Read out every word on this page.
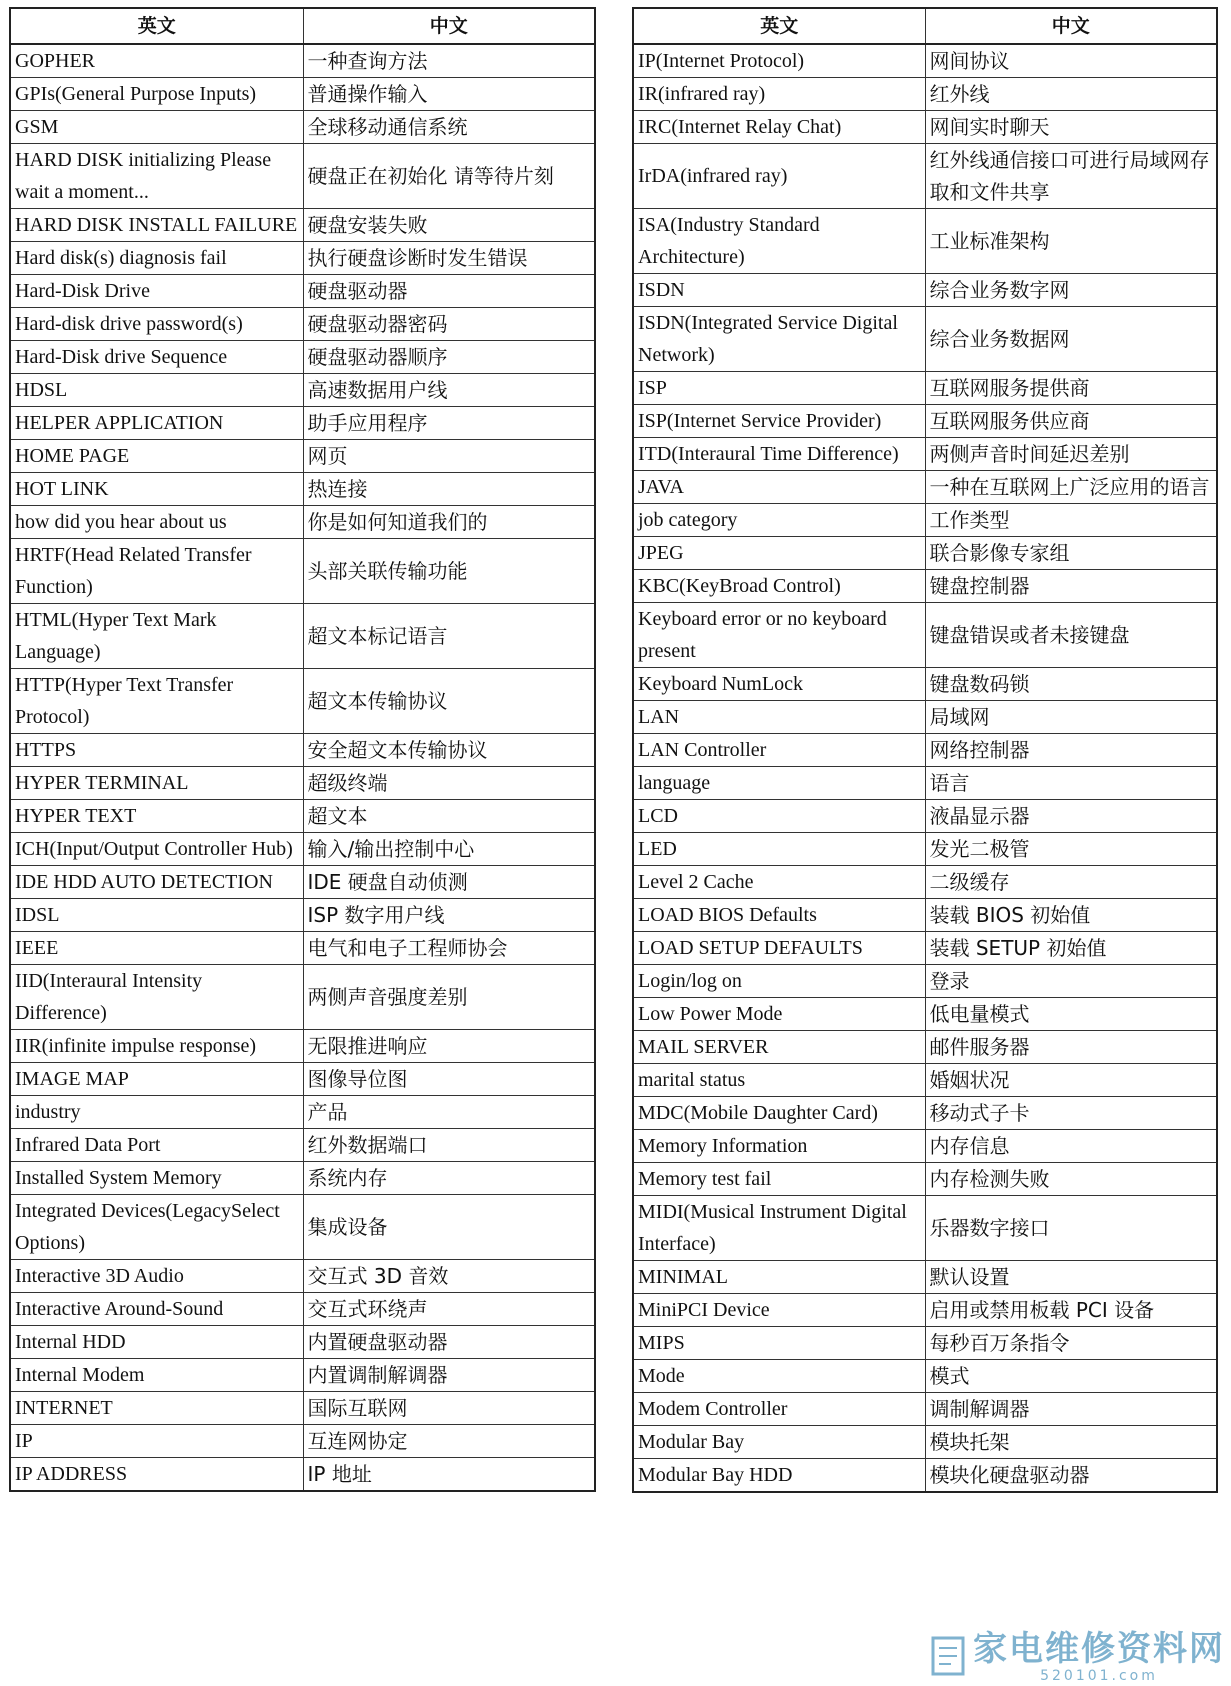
英文	中文
GOPHER	一种查询方法
GPIs(General Purpose Inputs)	普通操作输入
GSM	全球移动通信系统
HARD DISK initializing Please wait a moment...	硬盘正在初始化 请等待片刻
HARD DISK INSTALL FAILURE	硬盘安装失败
Hard disk(s) diagnosis fail	执行硬盘诊断时发生错误
Hard-Disk Drive	硬盘驱动器
Hard-disk drive password(s)	硬盘驱动器密码
Hard-Disk drive Sequence	硬盘驱动器顺序
HDSL	高速数据用户线
HELPER APPLICATION	助手应用程序
HOME PAGE	网页
HOT LINK	热连接
how did you hear about us	你是如何知道我们的
HRTF(Head Related Transfer Function)	头部关联传输功能
HTML(Hyper Text Mark Language)	超文本标记语言
HTTP(Hyper Text Transfer Protocol)	超文本传输协议
HTTPS	安全超文本传输协议
HYPER TERMINAL	超级终端
HYPER TEXT	超文本
ICH(Input/Output Controller Hub)	输入/输出控制中心
IDE HDD AUTO DETECTION	IDE 硬盘自动侦测
IDSL	ISP 数字用户线
IEEE	电气和电子工程师协会
IID(Interaural Intensity Difference)	两侧声音强度差别
IIR(infinite impulse response)	无限推进响应
IMAGE MAP	图像导位图
industry	产品
Infrared Data Port	红外数据端口
Installed System Memory	系统内存
Integrated Devices(LegacySelect Options)	集成设备
Interactive 3D Audio	交互式 3D 音效
Interactive Around-Sound	交互式环绕声
Internal HDD	内置硬盘驱动器
Internal Modem	内置调制解调器
INTERNET	国际互联网
IP	互连网协定
IP ADDRESS	IP 地址
英文	中文
IP(Internet Protocol)	网间协议
IR(infrared ray)	红外线
IRC(Internet Relay Chat)	网间实时聊天
IrDA(infrared ray)	红外线通信接口可进行局域网存取和文件共享
ISA(Industry Standard Architecture)	工业标准架构
ISDN	综合业务数字网
ISDN(Integrated Service Digital Network)	综合业务数据网
ISP	互联网服务提供商
ISP(Internet Service Provider)	互联网服务供应商
ITD(Interaural Time Difference)	两侧声音时间延迟差别
JAVA	一种在互联网上广泛应用的语言
job category	工作类型
JPEG	联合影像专家组
KBC(KeyBroad Control)	键盘控制器
Keyboard error or no keyboard present	键盘错误或者未接键盘
Keyboard NumLock	键盘数码锁
LAN	局域网
LAN Controller	网络控制器
language	语言
LCD	液晶显示器
LED	发光二极管
Level 2 Cache	二级缓存
LOAD BIOS Defaults	装载 BIOS 初始值
LOAD SETUP DEFAULTS	装载 SETUP 初始值
Login/log on	登录
Low Power Mode	低电量模式
MAIL SERVER	邮件服务器
marital status	婚姻状况
MDC(Mobile Daughter Card)	移动式子卡
Memory Information	内存信息
Memory test fail	内存检测失败
MIDI(Musical Instrument Digital Interface)	乐器数字接口
MINIMAL	默认设置
MiniPCI Device	启用或禁用板载 PCI 设备
MIPS	每秒百万条指令
Mode	模式
Modem Controller	调制解调器
Modular Bay	模块托架
Modular Bay HDD	模块化硬盘驱动器
家电维修资料网
520101.com
